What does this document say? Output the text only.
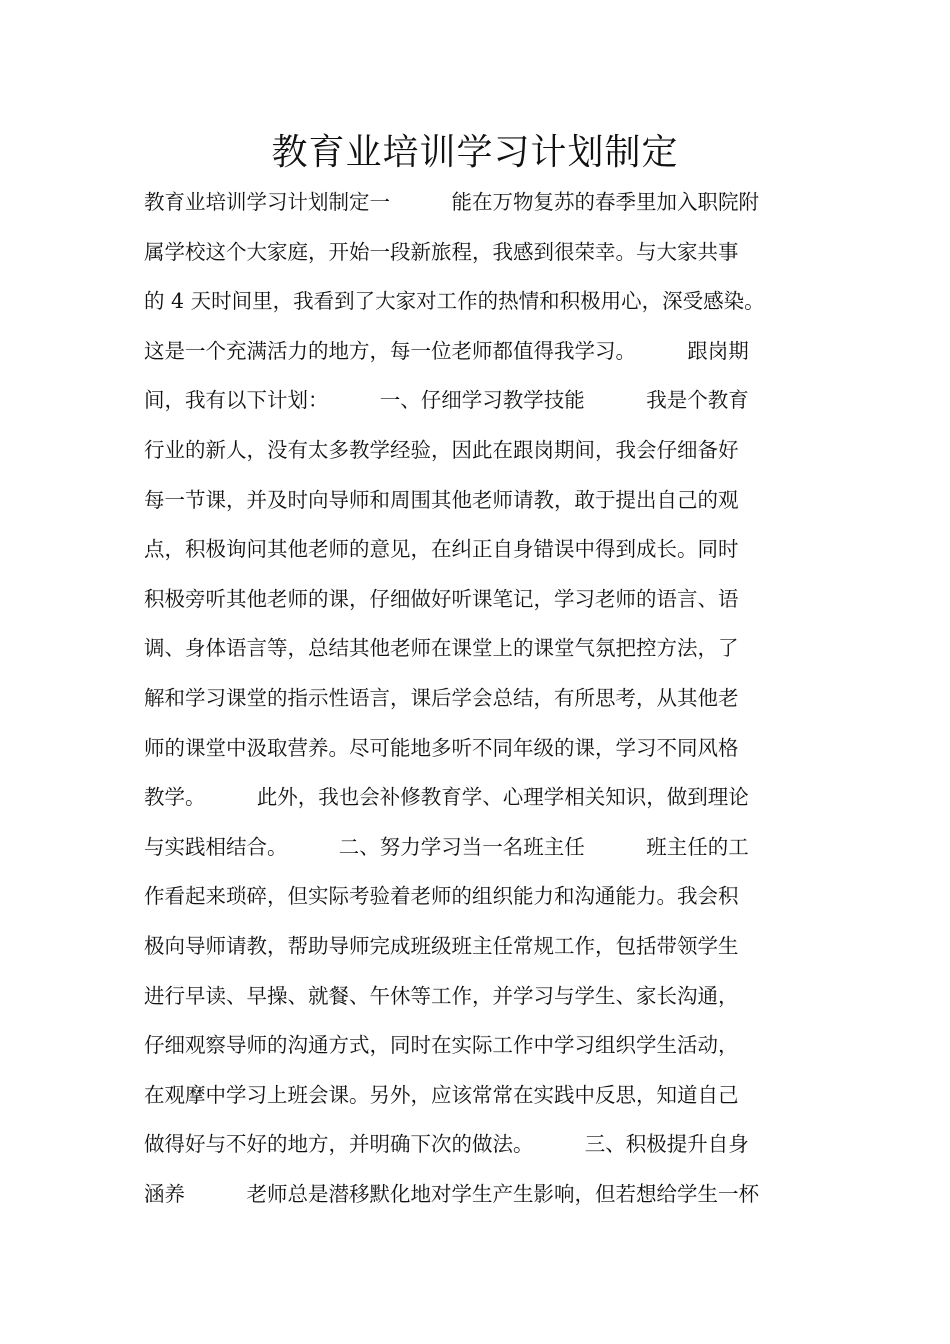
教育业培训学习计划制定
教育业培训学习计划制定一　　　能在万物复苏的春季里加入职院附
属学校这个大家庭，开始一段新旅程，我感到很荣幸。与大家共事
的 4 天时间里，我看到了大家对工作的热情和积极用心，深受感染。
这是一个充满活力的地方，每一位老师都值得我学习。　　　跟岗期
间，我有以下计划：　　　一、仔细学习教学技能　　　我是个教育
行业的新人，没有太多教学经验，因此在跟岗期间，我会仔细备好
每一节课，并及时向导师和周围其他老师请教，敢于提出自己的观
点，积极询问其他老师的意见，在纠正自身错误中得到成长。同时
积极旁听其他老师的课，仔细做好听课笔记，学习老师的语言、语
调、身体语言等，总结其他老师在课堂上的课堂气氛把控方法，了
解和学习课堂的指示性语言，课后学会总结，有所思考，从其他老
师的课堂中汲取营养。尽可能地多听不同年级的课，学习不同风格
教学。　　　此外，我也会补修教育学、心理学相关知识，做到理论
与实践相结合。　　　二、努力学习当一名班主任　　　班主任的工
作看起来琐碎，但实际考验着老师的组织能力和沟通能力。我会积
极向导师请教，帮助导师完成班级班主任常规工作，包括带领学生
进行早读、早操、就餐、午休等工作，并学习与学生、家长沟通，
仔细观察导师的沟通方式，同时在实际工作中学习组织学生活动，
在观摩中学习上班会课。另外，应该常常在实践中反思，知道自己
做得好与不好的地方，并明确下次的做法。　　　三、积极提升自身
涵养　　　老师总是潜移默化地对学生产生影响，但若想给学生一杯
